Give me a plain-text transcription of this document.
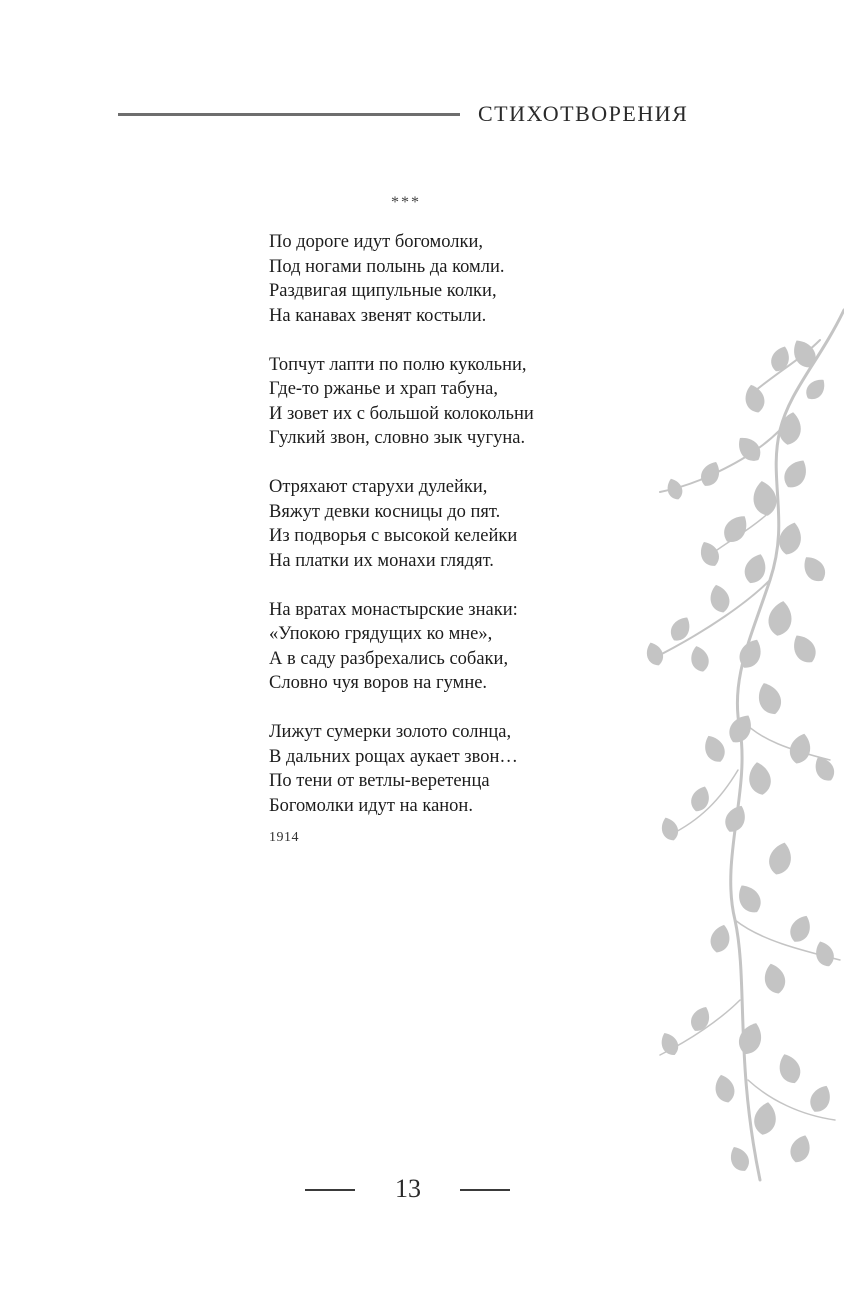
СТИХОТВОРЕНИЯ
***
По дороге идут богомолки,
Под ногами полынь да комли.
Раздвигая щипульные колки,
На канавах звенят костыли.
Топчут лапти по полю кукольни,
Где-то ржанье и храп табуна,
И зовет их с большой колокольни
Гулкий звон, словно зык чугуна.
Отряхают старухи дулейки,
Вяжут девки косницы до пят.
Из подворья с высокой келейки
На платки их монахи глядят.
На вратах монастырские знаки:
«Упокою грядущих ко мне»,
А в саду разбрехались собаки,
Словно чуя воров на гумне.
Лижут сумерки золото солнца,
В дальних рощах аукает звон…
По тени от ветлы-веретенца
Богомолки идут на канон.
1914
13
